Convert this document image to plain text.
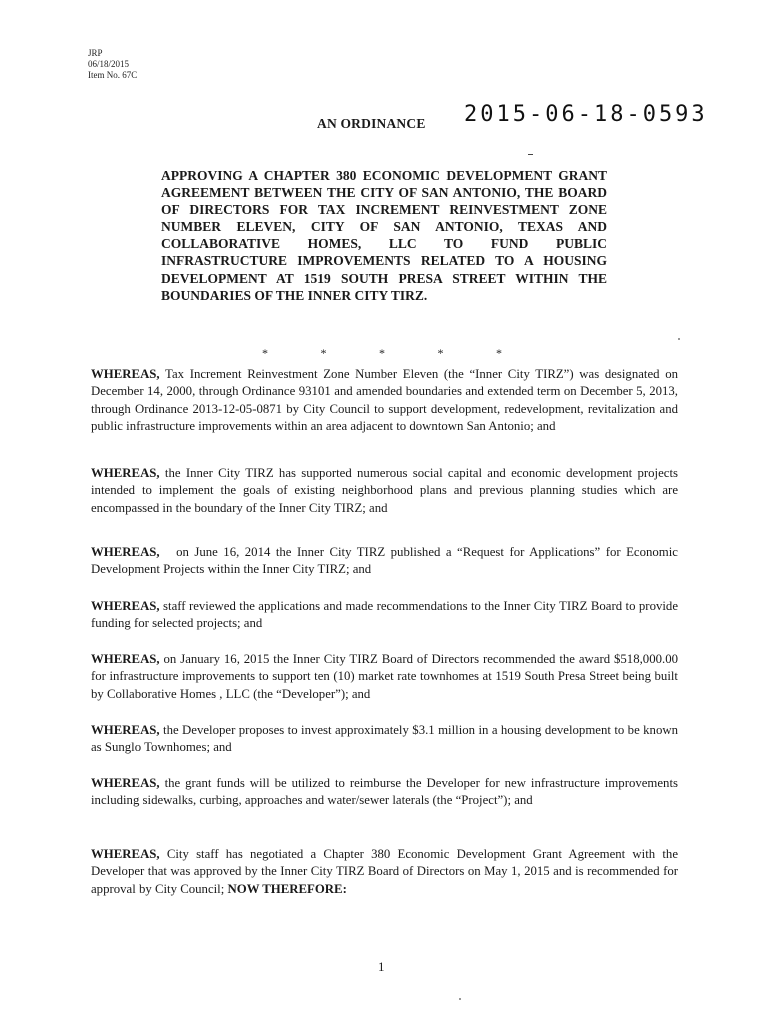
JRP
06/18/2015
Item No. 67C
AN ORDINANCE 2015-06-18-0593
APPROVING A CHAPTER 380 ECONOMIC DEVELOPMENT GRANT AGREEMENT BETWEEN THE CITY OF SAN ANTONIO, THE BOARD OF DIRECTORS FOR TAX INCREMENT REINVESTMENT ZONE NUMBER ELEVEN, CITY OF SAN ANTONIO, TEXAS AND COLLABORATIVE HOMES, LLC TO FUND PUBLIC INFRASTRUCTURE IMPROVEMENTS RELATED TO A HOUSING DEVELOPMENT AT 1519 SOUTH PRESA STREET WITHIN THE BOUNDARIES OF THE INNER CITY TIRZ.
*	*	*	*	*

WHEREAS, Tax Increment Reinvestment Zone Number Eleven (the “Inner City TIRZ”) was designated on December 14, 2000, through Ordinance 93101 and amended boundaries and extended term on December 5, 2013, through Ordinance 2013-12-05-0871 by City Council to support development, redevelopment, revitalization and public infrastructure improvements within an area adjacent to downtown San Antonio; and

WHEREAS, the Inner City TIRZ has supported numerous social capital and economic development projects intended to implement the goals of existing neighborhood plans and previous planning studies which are encompassed in the boundary of the Inner City TIRZ; and

WHEREAS,   on June 16, 2014 the Inner City TIRZ published a “Request for Applications” for Economic Development Projects within the Inner City TIRZ; and

WHEREAS, staff reviewed the applications and made recommendations to the Inner City TIRZ Board to provide funding for selected projects; and

WHEREAS, on January 16, 2015 the Inner City TIRZ Board of Directors recommended the award $518,000.00 for infrastructure improvements to support ten (10) market rate townhomes at 1519 South Presa Street being built by Collaborative Homes , LLC (the “Developer”); and

WHEREAS, the Developer proposes to invest approximately $3.1 million in a housing development to be known as Sunglo Townhomes; and

WHEREAS, the grant funds will be utilized to reimburse the Developer for new infrastructure improvements including sidewalks, curbing, approaches and water/sewer laterals (the “Project”); and

WHEREAS, City staff has negotiated a Chapter 380 Economic Development Grant Agreement with the Developer that was approved by the Inner City TIRZ Board of Directors on May 1, 2015 and is recommended for approval by City Council; NOW THEREFORE:

1
